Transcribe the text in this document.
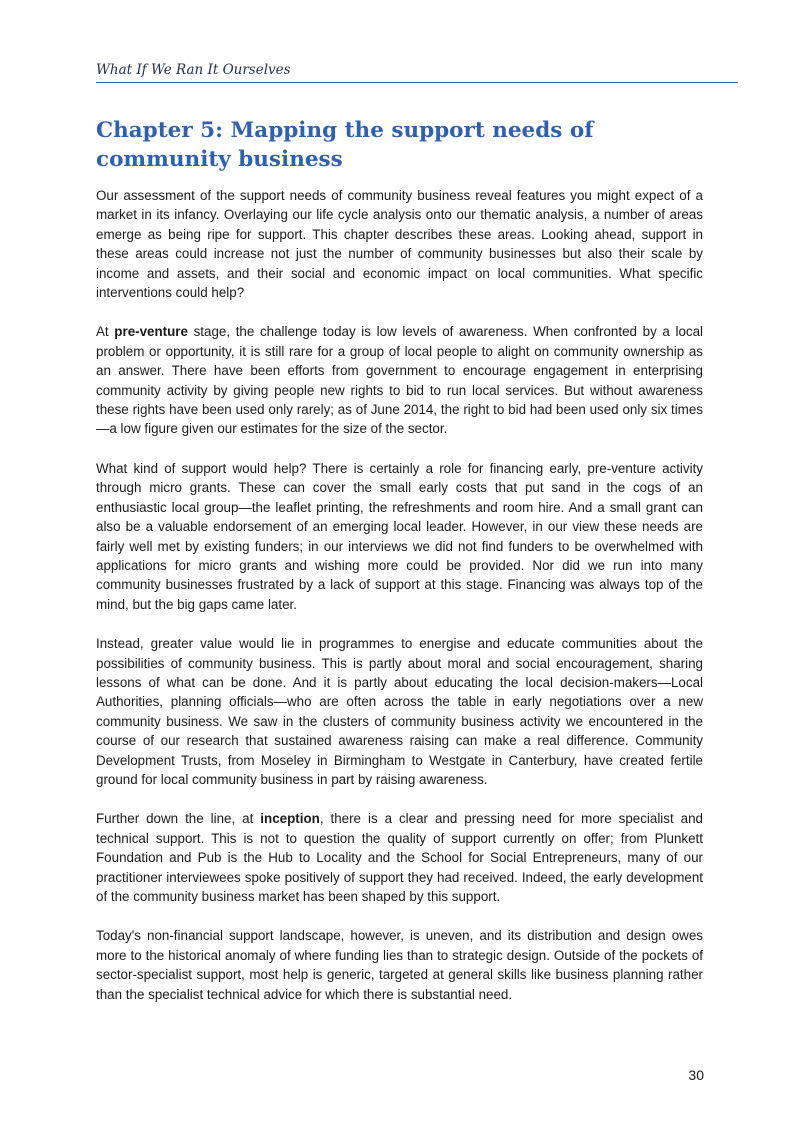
What If We Ran It Ourselves
Chapter 5: Mapping the support needs of community business

Our assessment of the support needs of community business reveal features you might expect of a market in its infancy. Overlaying our life cycle analysis onto our thematic analysis, a number of areas emerge as being ripe for support. This chapter describes these areas. Looking ahead, support in these areas could increase not just the number of community businesses but also their scale by income and assets, and their social and economic impact on local communities. What specific interventions could help?

At pre-venture stage, the challenge today is low levels of awareness. When confronted by a local problem or opportunity, it is still rare for a group of local people to alight on community ownership as an answer. There have been efforts from government to encourage engagement in enterprising community activity by giving people new rights to bid to run local services. But without awareness these rights have been used only rarely; as of June 2014, the right to bid had been used only six times—a low figure given our estimates for the size of the sector.

What kind of support would help? There is certainly a role for financing early, pre-venture activity through micro grants. These can cover the small early costs that put sand in the cogs of an enthusiastic local group—the leaflet printing, the refreshments and room hire. And a small grant can also be a valuable endorsement of an emerging local leader. However, in our view these needs are fairly well met by existing funders; in our interviews we did not find funders to be overwhelmed with applications for micro grants and wishing more could be provided. Nor did we run into many community businesses frustrated by a lack of support at this stage. Financing was always top of the mind, but the big gaps came later.

Instead, greater value would lie in programmes to energise and educate communities about the possibilities of community business. This is partly about moral and social encouragement, sharing lessons of what can be done. And it is partly about educating the local decision-makers—Local Authorities, planning officials—who are often across the table in early negotiations over a new community business. We saw in the clusters of community business activity we encountered in the course of our research that sustained awareness raising can make a real difference. Community Development Trusts, from Moseley in Birmingham to Westgate in Canterbury, have created fertile ground for local community business in part by raising awareness.

Further down the line, at inception, there is a clear and pressing need for more specialist and technical support. This is not to question the quality of support currently on offer; from Plunkett Foundation and Pub is the Hub to Locality and the School for Social Entrepreneurs, many of our practitioner interviewees spoke positively of support they had received. Indeed, the early development of the community business market has been shaped by this support.

Today's non-financial support landscape, however, is uneven, and its distribution and design owes more to the historical anomaly of where funding lies than to strategic design. Outside of the pockets of sector-specialist support, most help is generic, targeted at general skills like business planning rather than the specialist technical advice for which there is substantial need.

30
